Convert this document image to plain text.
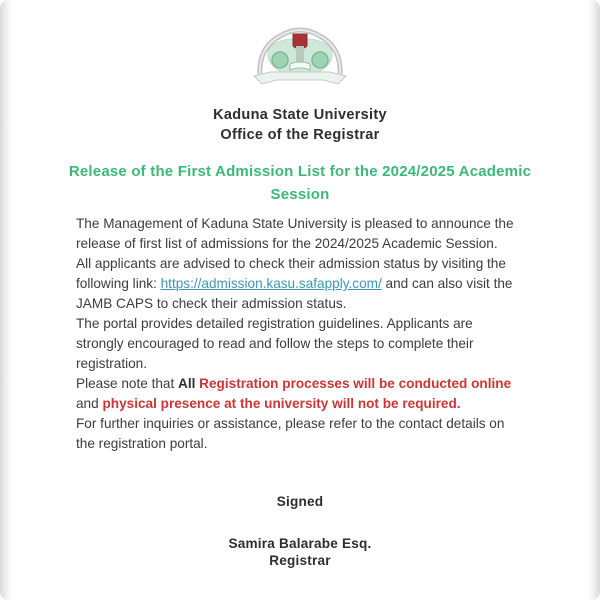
Kaduna State University
Office of the Registrar
Release of the First Admission List for the 2024/2025 Academic Session

The Management of Kaduna State University is pleased to announce the release of first list of admissions for the 2024/2025 Academic Session.

All applicants are advised to check their admission status by visiting the following link: https://admission.kasu.safapply.com/ and can also visit the JAMB CAPS to check their admission status.

The portal provides detailed registration guidelines. Applicants are strongly encouraged to read and follow the steps to complete their registration.

Please note that All Registration processes will be conducted online and physical presence at the university will not be required.

For further inquiries or assistance, please refer to the contact details on the registration portal.

Signed
Samira Balarabe Esq.
Registrar
